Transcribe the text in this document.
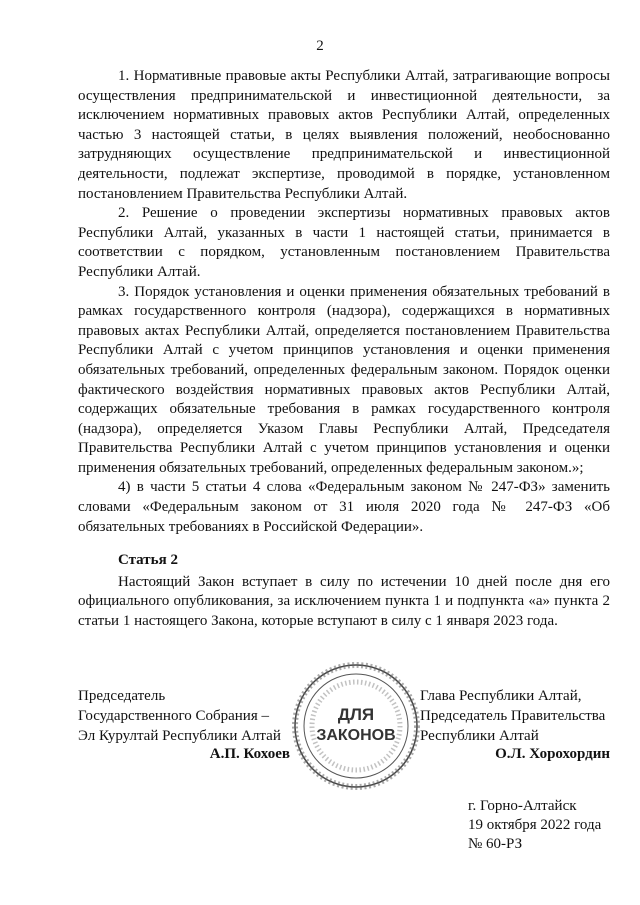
2

1. Нормативные правовые акты Республики Алтай, затрагивающие вопросы осуществления предпринимательской и инвестиционной деятельности, за исключением нормативных правовых актов Республики Алтай, определенных частью 3 настоящей статьи, в целях выявления положений, необоснованно затрудняющих осуществление предпринимательской и инвестиционной деятельности, подлежат экспертизе, проводимой в порядке, установленном постановлением Правительства Республики Алтай.

2. Решение о проведении экспертизы нормативных правовых актов Республики Алтай, указанных в части 1 настоящей статьи, принимается в соответствии с порядком, установленным постановлением Правительства Республики Алтай.

3. Порядок установления и оценки применения обязательных требований в рамках государственного контроля (надзора), содержащихся в нормативных правовых актах Республики Алтай, определяется постановлением Правительства Республики Алтай с учетом принципов установления и оценки применения обязательных требований, определенных федеральным законом. Порядок оценки фактического воздействия нормативных правовых актов Республики Алтай, содержащих обязательные требования в рамках государственного контроля (надзора), определяется Указом Главы Республики Алтай, Председателя Правительства Республики Алтай с учетом принципов установления и оценки применения обязательных требований, определенных федеральным законом.»;

4) в части 5 статьи 4 слова «Федеральным законом № 247-ФЗ» заменить словами «Федеральным законом от 31 июля 2020 года № 247-ФЗ «Об обязательных требованиях в Российской Федерации».

Статья 2

Настоящий Закон вступает в силу по истечении 10 дней после дня его официального опубликования, за исключением пункта 1 и подпункта «а» пункта 2 статьи 1 настоящего Закона, которые вступают в силу с 1 января 2023 года.

Председатель
Государственного Собрания –
Эл Курултай Республики Алтай
А.П. Кохоев
Глава Республики Алтай,
Председатель Правительства
Республики Алтай
О.Л. Хорохордин
ДЛЯ
ЗАКОНОВ
г. Горно-Алтайск
19 октября 2022 года
№ 60-РЗ
